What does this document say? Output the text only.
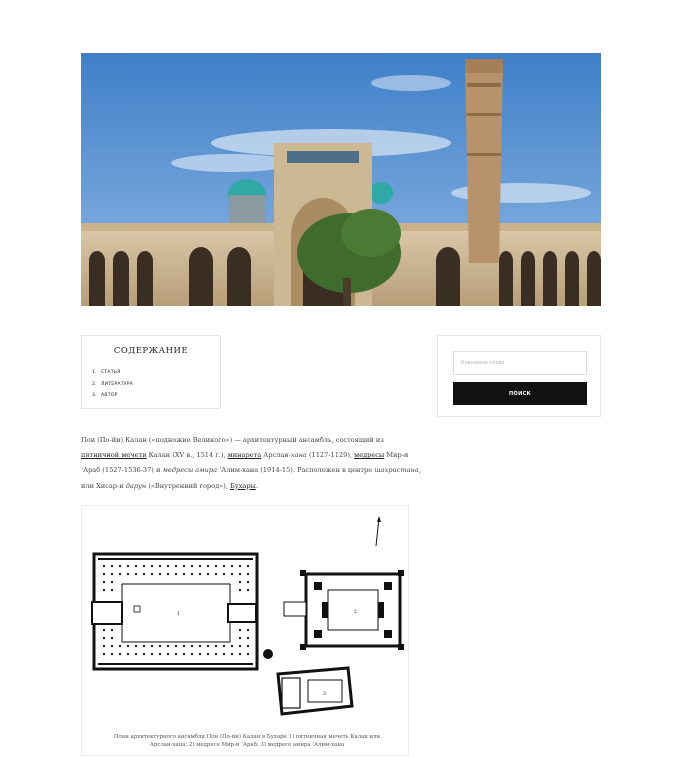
СОДЕРЖАНИЕ
1. СТАТЬЯ
2. ЛИТЕРАТУРА
3. АВТОР
Ключевые слова	ПОИСК
Пои (По-йи) Калан («подножие Великого») — архитектурный ансамбль, состоящий из пятничной мечети Калан (XV в., 1514 г.), минарета Арслан-хана (1127-1129), медресы Мир-и ʽАраб (1527-1536-37) и медресы амира ʽАлим-хана (1914-15). Расположен в центре шахристана, или Хисар-и дарун («Внутренний город»), Бухары.
1	2
3
План архитектурного ансамбля Пои (По-йи) Калан в Бухаре 1) пятничная мечеть Калан или
Арслан-хана; 2) медресе Мир-и ʽАраб; 3) медресе амира ʽАлим-хана
